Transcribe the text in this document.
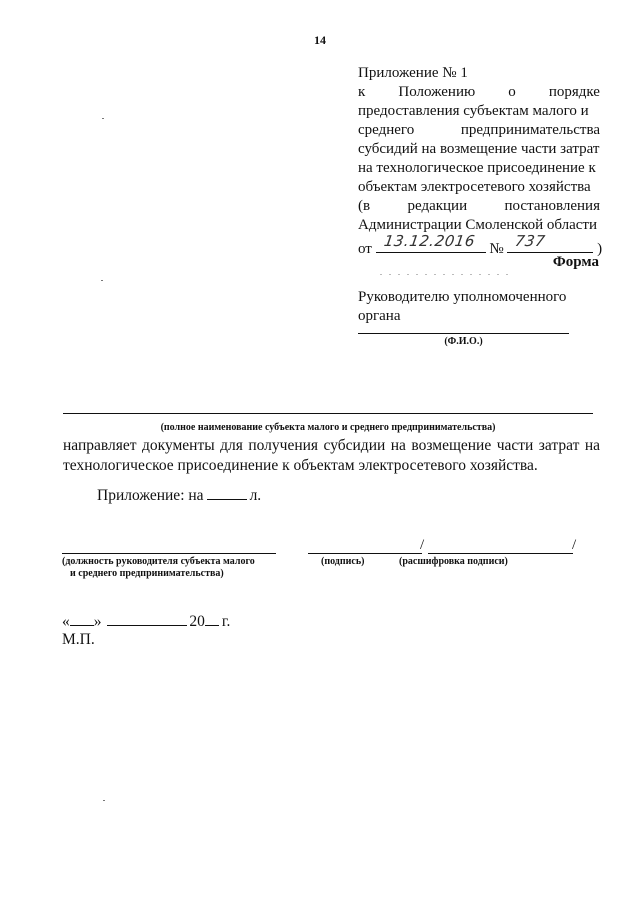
14
Приложение № 1
к Положению о порядке
предоставления субъектам малого и
среднего	предпринимательства
субсидий на возмещение части затрат
на технологическое присоединение к
объектам электросетевого хозяйства
(в редакции постановления
Администрации Смоленской области
от 13.12.2016 № 737	)
Форма
Руководителю уполномоченного
органа
(Ф.И.О.)
(полное наименование субъекта малого и среднего предпринимательства)
направляет документы для получения субсидии на возмещение части затрат на технологическое присоединение к объектам электросетевого хозяйства.
Приложение: на	л.
(должность руководителя субъекта малого
и среднего предпринимательства)
/	/
(подпись)	(расшифровка подписи)
« »	20 г.
М.П.
